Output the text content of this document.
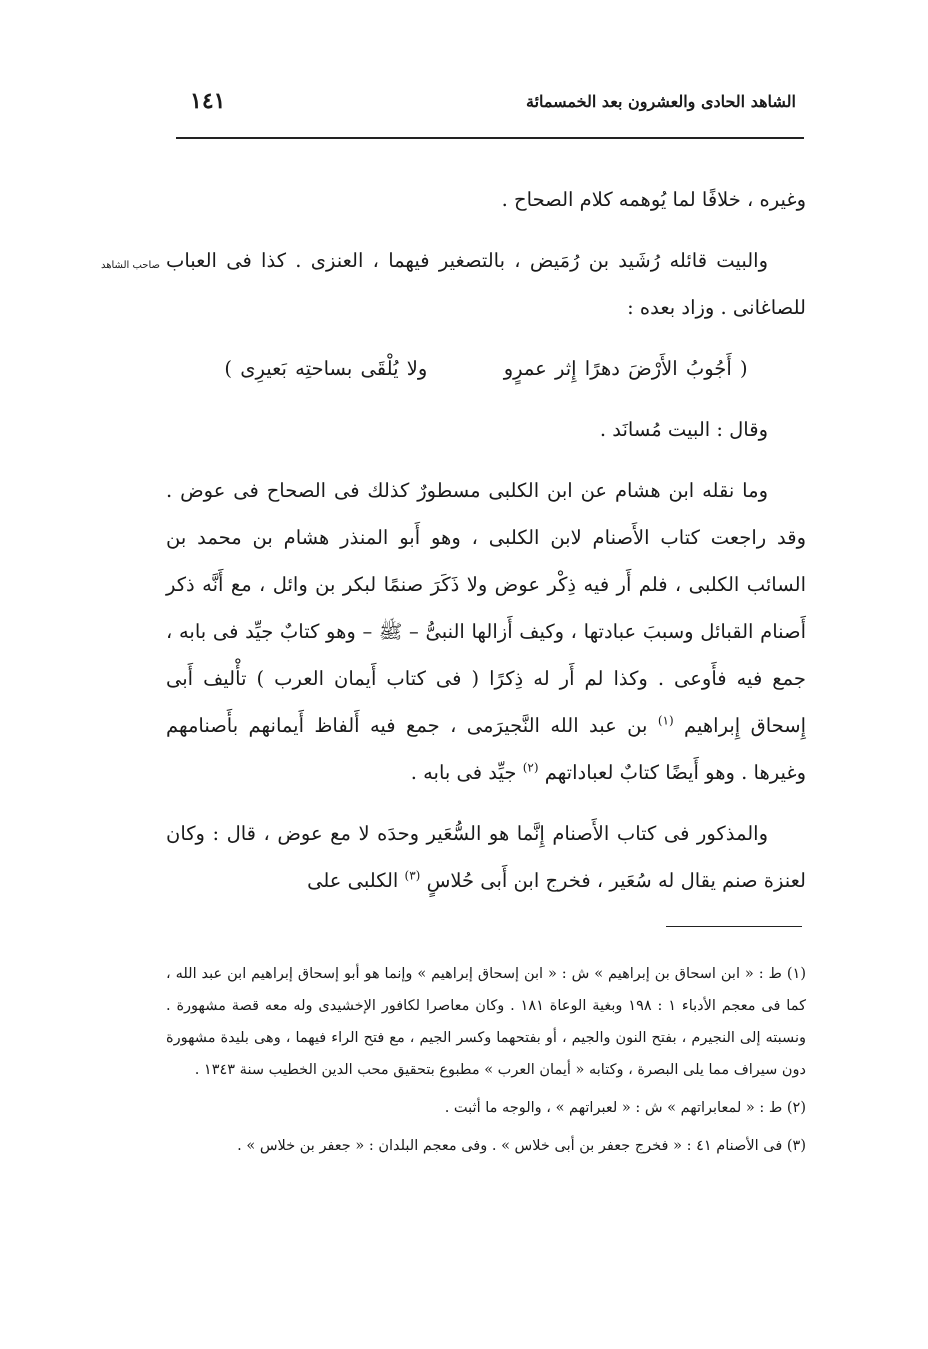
الشاهد الحادى والعشرون بعد الخمسمائة
١٤١
صاحب الشاهد

وغيره ، خلافًا لما يُوهمه كلام الصحاح .

والبيت قائله رُشَيد بن رُمَيض ، بالتصغير فيهما ، العنزى . كذا فى العباب للصاغانى . وزاد بعده :

( أَجُوبُ الأَرْضَ دهرًا إِثر عمرٍو  ولا يُلْقَى بساحتِه بَعيرِى )

وقال : البيت مُسانَد .

وما نقله ابن هشام عن ابن الكلبى مسطورٌ كذلك فى الصحاح فى عوض . وقد راجعت كتاب الأَصنام لابن الكلبى ، وهو أَبو المنذر هشام بن محمد بن السائب الكلبى ، فلم أَر فيه ذِكْر عوض ولا ذَكَرَ صنمًا لبكر بن وائل ، مع أَنَّه ذكر أَصنام القبائل وسببَ عبادتها ، وكيف أَزالها النبىُّ – ﷺ – وهو كتابٌ جيِّد فى بابه ، جمع فيه فأَوعى . وكذا لم أَر له ذِكرًا ( فى كتاب أَيمان العرب ) تأْليف أَبى إِسحاق إِبراهيم $^{(١)}$ بن عبد الله النَّجيرَمى ، جمع فيه أَلفاظ أَيمانهم بأَصنامهم وغيرها . وهو أَيضًا كتابٌ لعباداتهم $^{(٢)}$ جيِّد فى بابه .

والمذكور فى كتاب الأَصنام إِنَّما هو السُّعَير وحدَه لا مع عوض ، قال : وكان لعنزة صنم يقال له سُعَير ، فخرج ابن أَبى حُلاسٍ $^{(٣)}$ الكلبى على

(١) ط : « ابن اسحاق بن إبراهيم » ش : « ابن إسحاق إبراهيم » وإنما هو أبو إسحاق إبراهيم ابن عبد الله ، كما فى معجم الأدباء ١ : ١٩٨ وبغية الوعاة ١٨١ . وكان معاصرا لكافور الإخشيدى وله معه قصة مشهورة . ونسبته إلى النجيرم ، بفتح النون والجيم ، أو بفتحهما وكسر الجيم ، مع فتح الراء فيهما ، وهى بليدة مشهورة دون سيراف مما يلى البصرة ، وكتابه « أيمان العرب » مطبوع بتحقيق محب الدين الخطيب سنة ١٣٤٣ .

(٢) ط : « لمعابراتهم » ش : « لعبراتهم » ، والوجه ما أثبت .

(٣) فى الأصنام ٤١ : « فخرج جعفر بن أبى خلاس » . وفى معجم البلدان : « جعفر بن خلاس » .
